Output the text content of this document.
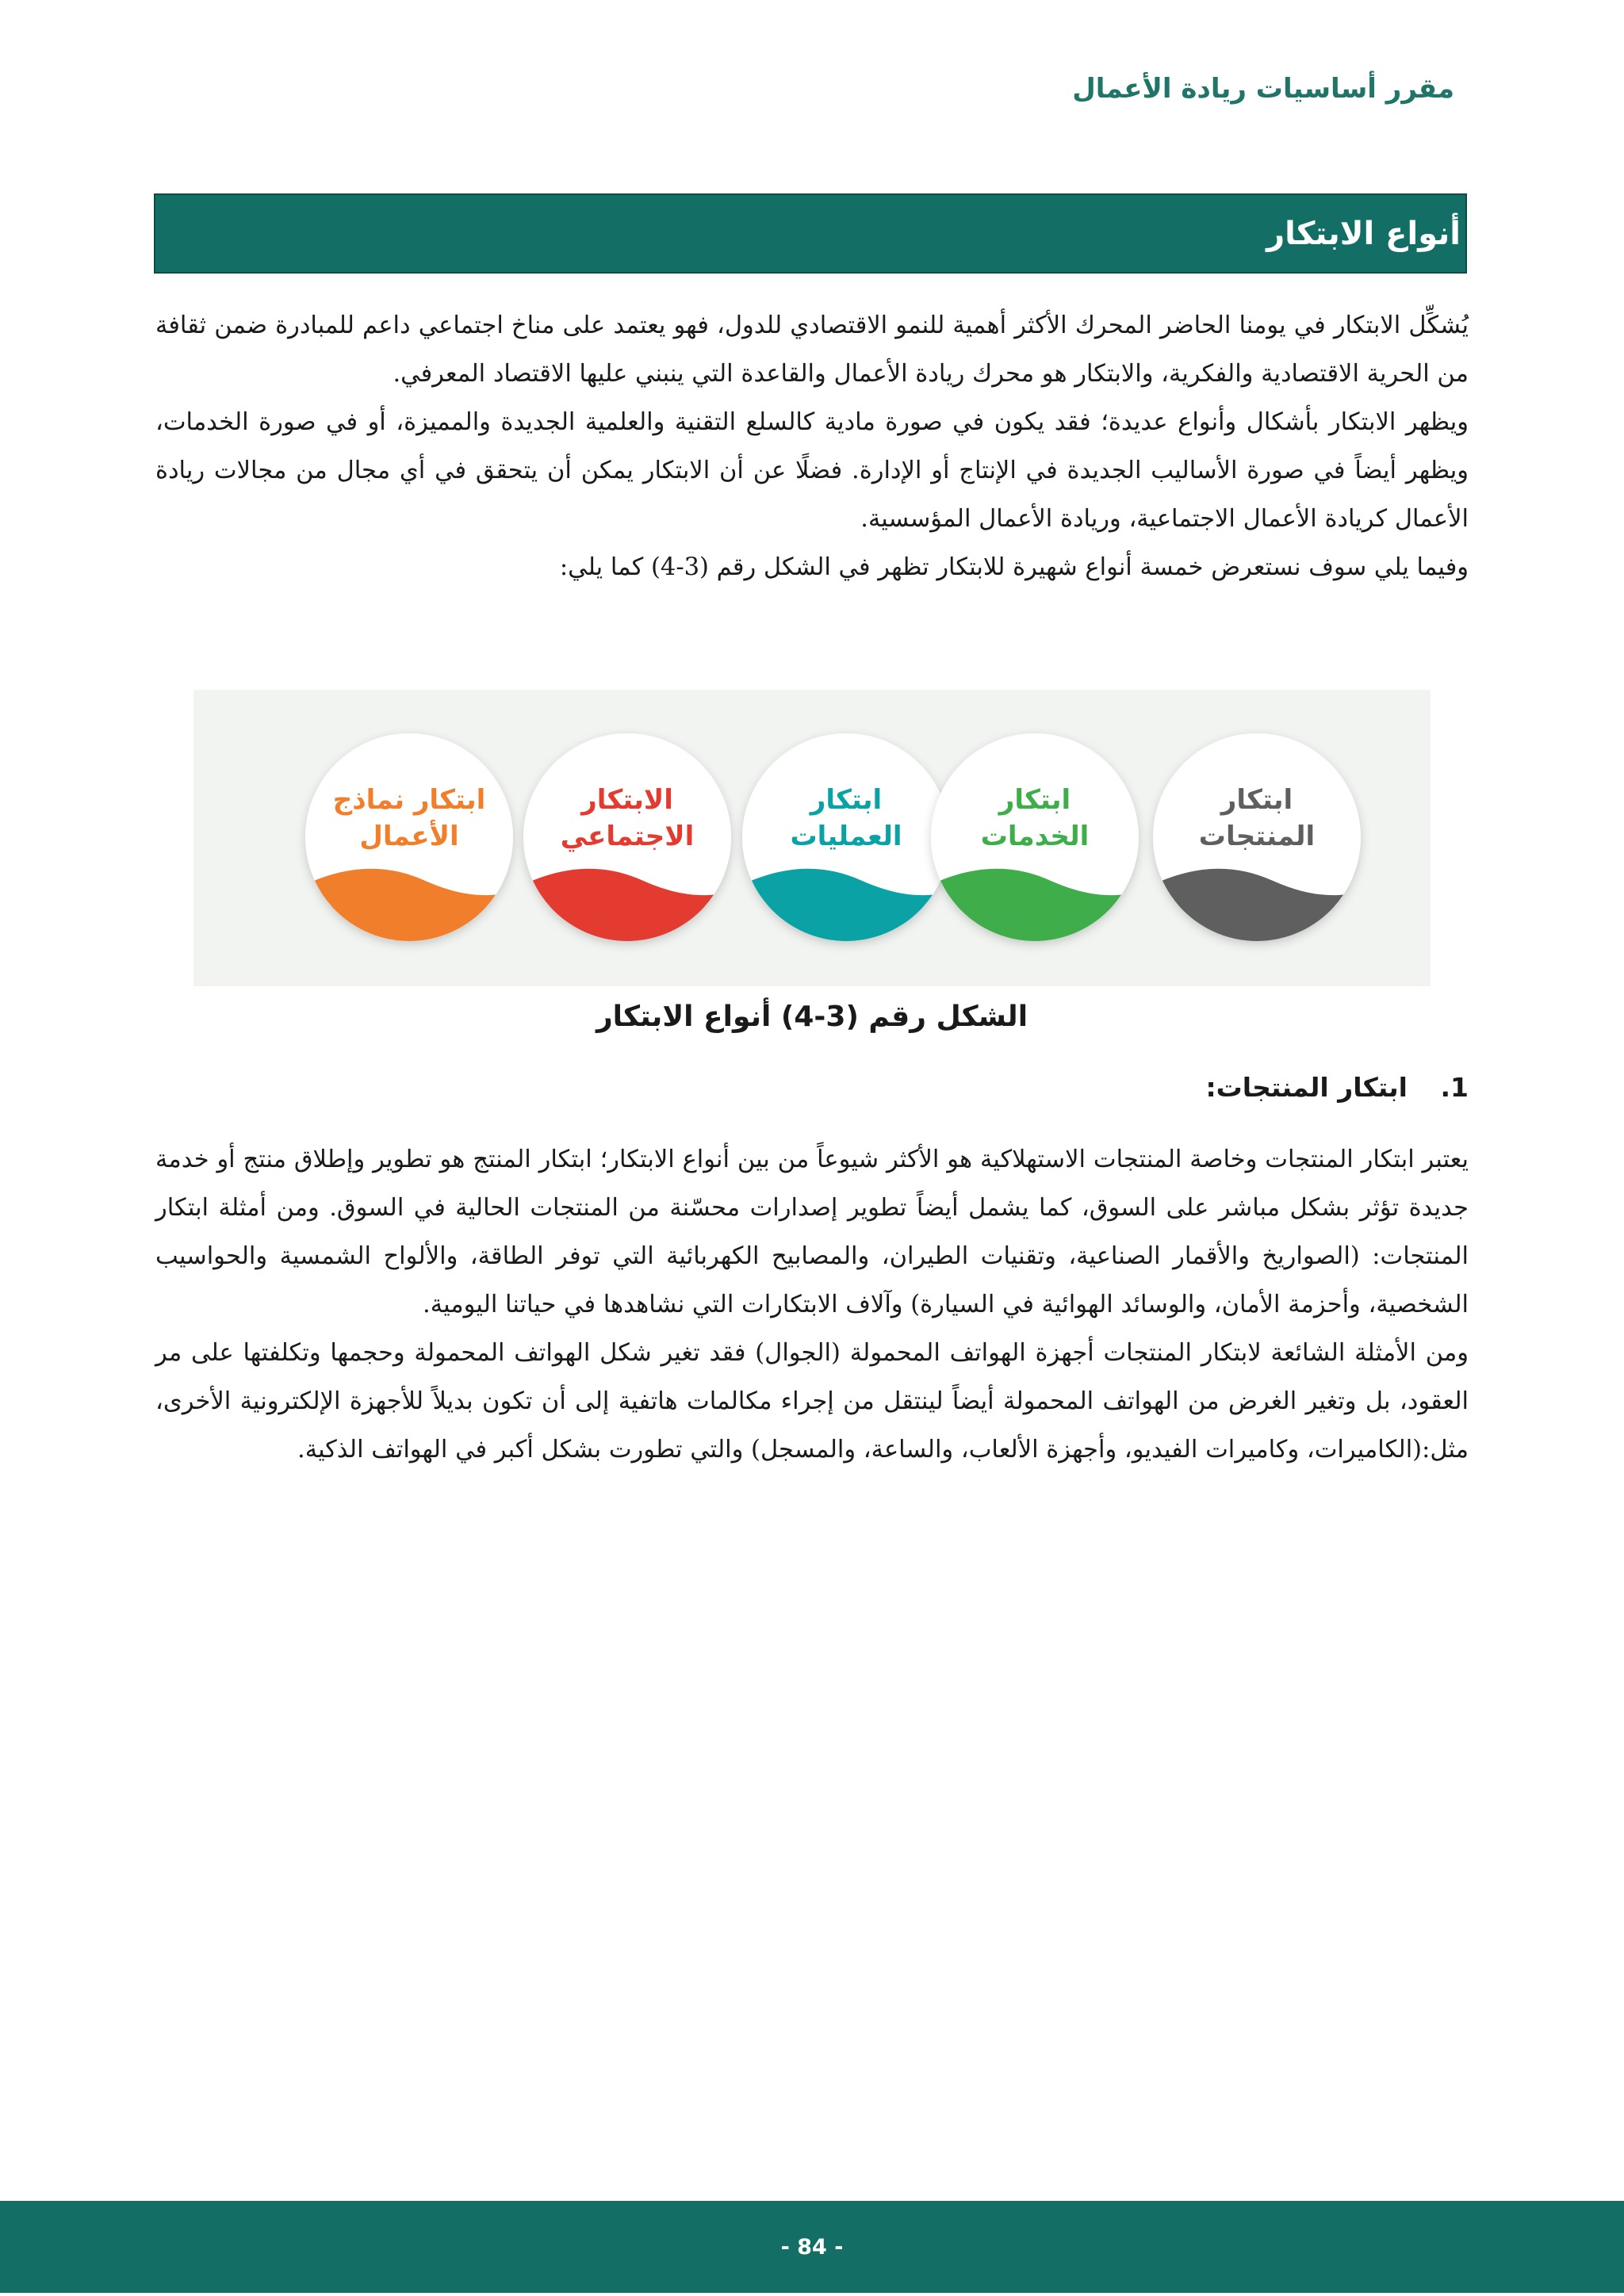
مقرر أساسيات ريادة الأعمال
أنواع الابتكار

يُشكِّل الابتكار في يومنا الحاضر المحرك الأكثر أهمية للنمو الاقتصادي للدول، فهو يعتمد على مناخ اجتماعي داعم للمبادرة ضمن ثقافة من الحرية الاقتصادية والفكرية، والابتكار هو محرك ريادة الأعمال والقاعدة التي ينبني عليها الاقتصاد المعرفي.

ويظهر الابتكار بأشكال وأنواع عديدة؛ فقد يكون في صورة مادية كالسلع التقنية والعلمية الجديدة والمميزة، أو في صورة الخدمات، ويظهر أيضاً في صورة الأساليب الجديدة في الإنتاج أو الإدارة. فضلًا عن أن الابتكار يمكن أن يتحقق في أي مجال من مجالات ريادة الأعمال كريادة الأعمال الاجتماعية، وريادة الأعمال المؤسسية.

وفيما يلي سوف نستعرض خمسة أنواع شهيرة للابتكار تظهر في الشكل رقم (3-4) كما يلي:

ابتكار نماذج
الأعمال
الابتكار
الاجتماعي
ابتكار
العمليات
ابتكار
الخدمات
ابتكار
المنتجات
الشكل رقم (3-4) أنواع الابتكار
1. ابتكار المنتجات:

يعتبر ابتكار المنتجات وخاصة المنتجات الاستهلاكية هو الأكثر شيوعاً من بين أنواع الابتكار؛ ابتكار المنتج هو تطوير وإطلاق منتج أو خدمة جديدة تؤثر بشكل مباشر على السوق، كما يشمل أيضاً تطوير إصدارات محسّنة من المنتجات الحالية في السوق. ومن أمثلة ابتكار المنتجات: (الصواريخ والأقمار الصناعية، وتقنيات الطيران، والمصابيح الكهربائية التي توفر الطاقة، والألواح الشمسية والحواسيب الشخصية، وأحزمة الأمان، والوسائد الهوائية في السيارة) وآلاف الابتكارات التي نشاهدها في حياتنا اليومية.

ومن الأمثلة الشائعة لابتكار المنتجات أجهزة الهواتف المحمولة (الجوال) فقد تغير شكل الهواتف المحمولة وحجمها وتكلفتها على مر العقود، بل وتغير الغرض من الهواتف المحمولة أيضاً لينتقل من إجراء مكالمات هاتفية إلى أن تكون بديلاً للأجهزة الإلكترونية الأخرى، مثل:(الكاميرات، وكاميرات الفيديو، وأجهزة الألعاب، والساعة، والمسجل) والتي تطورت بشكل أكبر في الهواتف الذكية.

- 84 -
